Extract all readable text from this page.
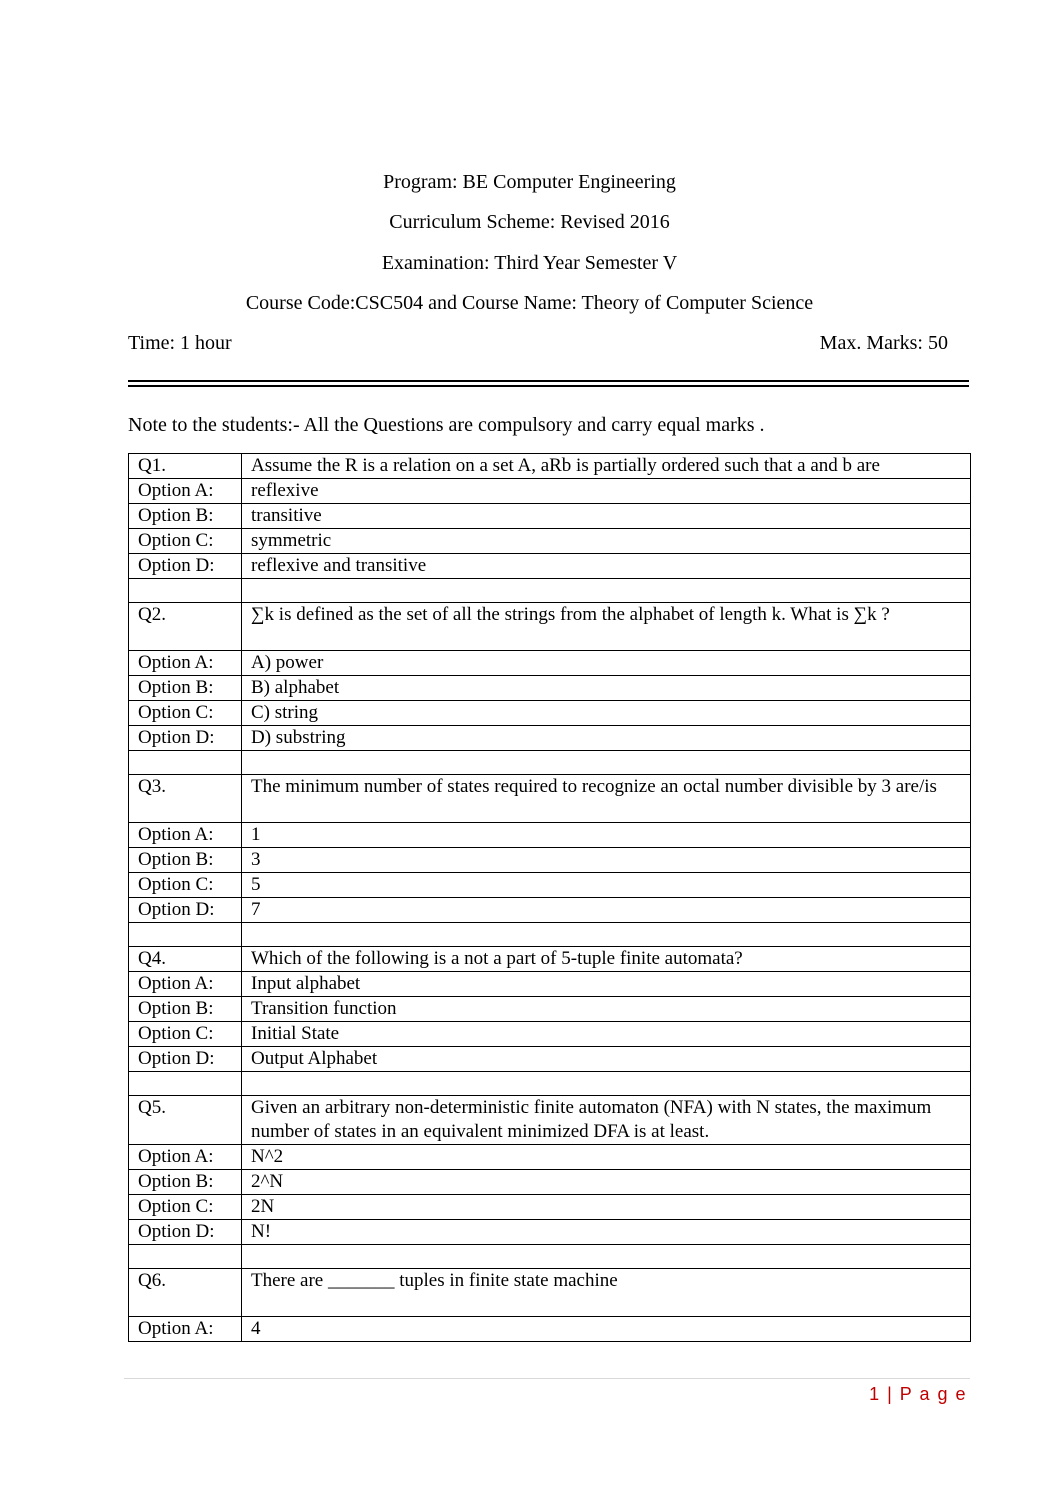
Program: BE Computer Engineering
Curriculum Scheme: Revised 2016
Examination: Third Year Semester V
Course Code:CSC504 and Course Name: Theory of Computer Science
Time: 1 hour	Max. Marks: 50
Note to the students:- All the Questions are compulsory and carry equal marks .
Q1.	Assume the R is a relation on a set A, aRb is partially ordered such that a and b are
Option A:	reflexive
Option B:	transitive
Option C:	symmetric
Option D:	reflexive and transitive

Q2.	∑k is defined as the set of all the strings from the alphabet of length k. What is ∑k ?
Option A:	A) power
Option B:	B) alphabet
Option C:	C) string
Option D:	D) substring

Q3.	The minimum number of states required to recognize an octal number divisible by 3 are/is
Option A:	1
Option B:	3
Option C:	5
Option D:	7

Q4.	Which of the following is a not a part of 5-tuple finite automata?
Option A:	Input alphabet
Option B:	Transition function
Option C:	Initial State
Option D:	Output Alphabet

Q5.	Given an arbitrary non-deterministic finite automaton (NFA) with N states, the maximum number of states in an equivalent minimized DFA is at least.
Option A:	N^2
Option B:	2^N
Option C:	2N
Option D:	N!

Q6.	There are _______ tuples in finite state machine
Option A:	4
1 | P a g e
